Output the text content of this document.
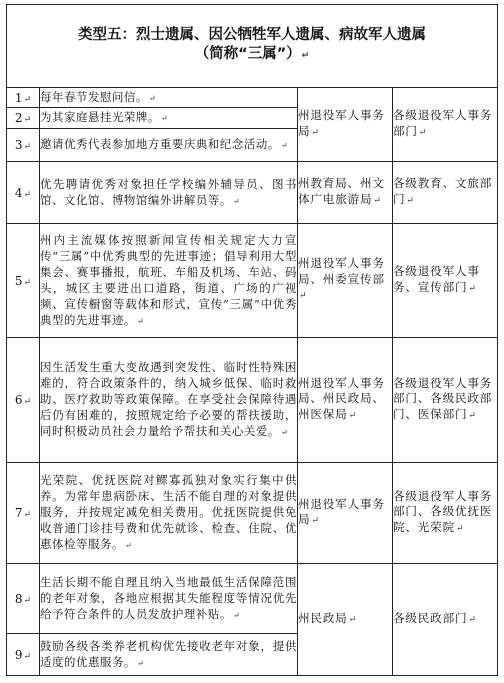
类型五：烈士遗属、因公牺牲军人遗属、病故军人遗属
（简称“三属”）↵			

1↵	每年春节发慰问信。↵	州退役军人事务局↵	各级退役军人事务部门↵
2↵	为其家庭悬挂光荣牌。↵		
3↵	邀请优秀代表参加地方重要庆典和纪念活动。↵		
4↵	优先聘请优秀对象担任学校编外辅导员、图书馆、文化馆、博物馆编外讲解员等。↵	州教育局、州文体广电旅游局↵	各级教育、文旅部门↵
5↵	州内主流媒体按照新闻宣传相关规定大力宣传“三属”中优秀典型的先进事迹；倡导利用大型集会、赛事播报，航班、车船及机场、车站、码头，城区主要进出口道路，街道、广场的广视频、宣传橱窗等载体和形式，宣传“三属”中优秀典型的先进事迹。↵	州退役军人事务局、州委宣传部↵	各级退役军人事务、宣传部门↵
6↵	因生活发生重大变故遇到突发性、临时性特殊困难的，符合政策条件的，纳入城乡低保、临时救助、医疗救助等政策保障。在享受社会保障待遇后仍有困难的，按照规定给予必要的帮扶援助，同时积极动员社会力量给予帮扶和关心关爱。↵	州退役军人事务局、州民政局、州医保局↵	各级退役军人事务部门、各级民政部门、医保部门↵
7↵	光荣院、优抚医院对鳏寡孤独对象实行集中供养。为常年患病卧床、生活不能自理的对象提供服务，并按规定减免相关费用。优抚医院提供免收普通门诊挂号费和优先就诊、检查、住院、优惠体检等服务。↵	州退役军人事务局↵	各级退役军人事务部门、各级优抚医院、光荣院↵
8↵	生活长期不能自理且纳入当地最低生活保障范围的老年对象，各地应根据其失能程度等情况优先给予符合条件的人员发放护理补贴。↵	州民政局↵	各级民政部门↵
9↵	鼓励各级各类养老机构优先接收老年对象，提供适度的优惠服务。↵		
